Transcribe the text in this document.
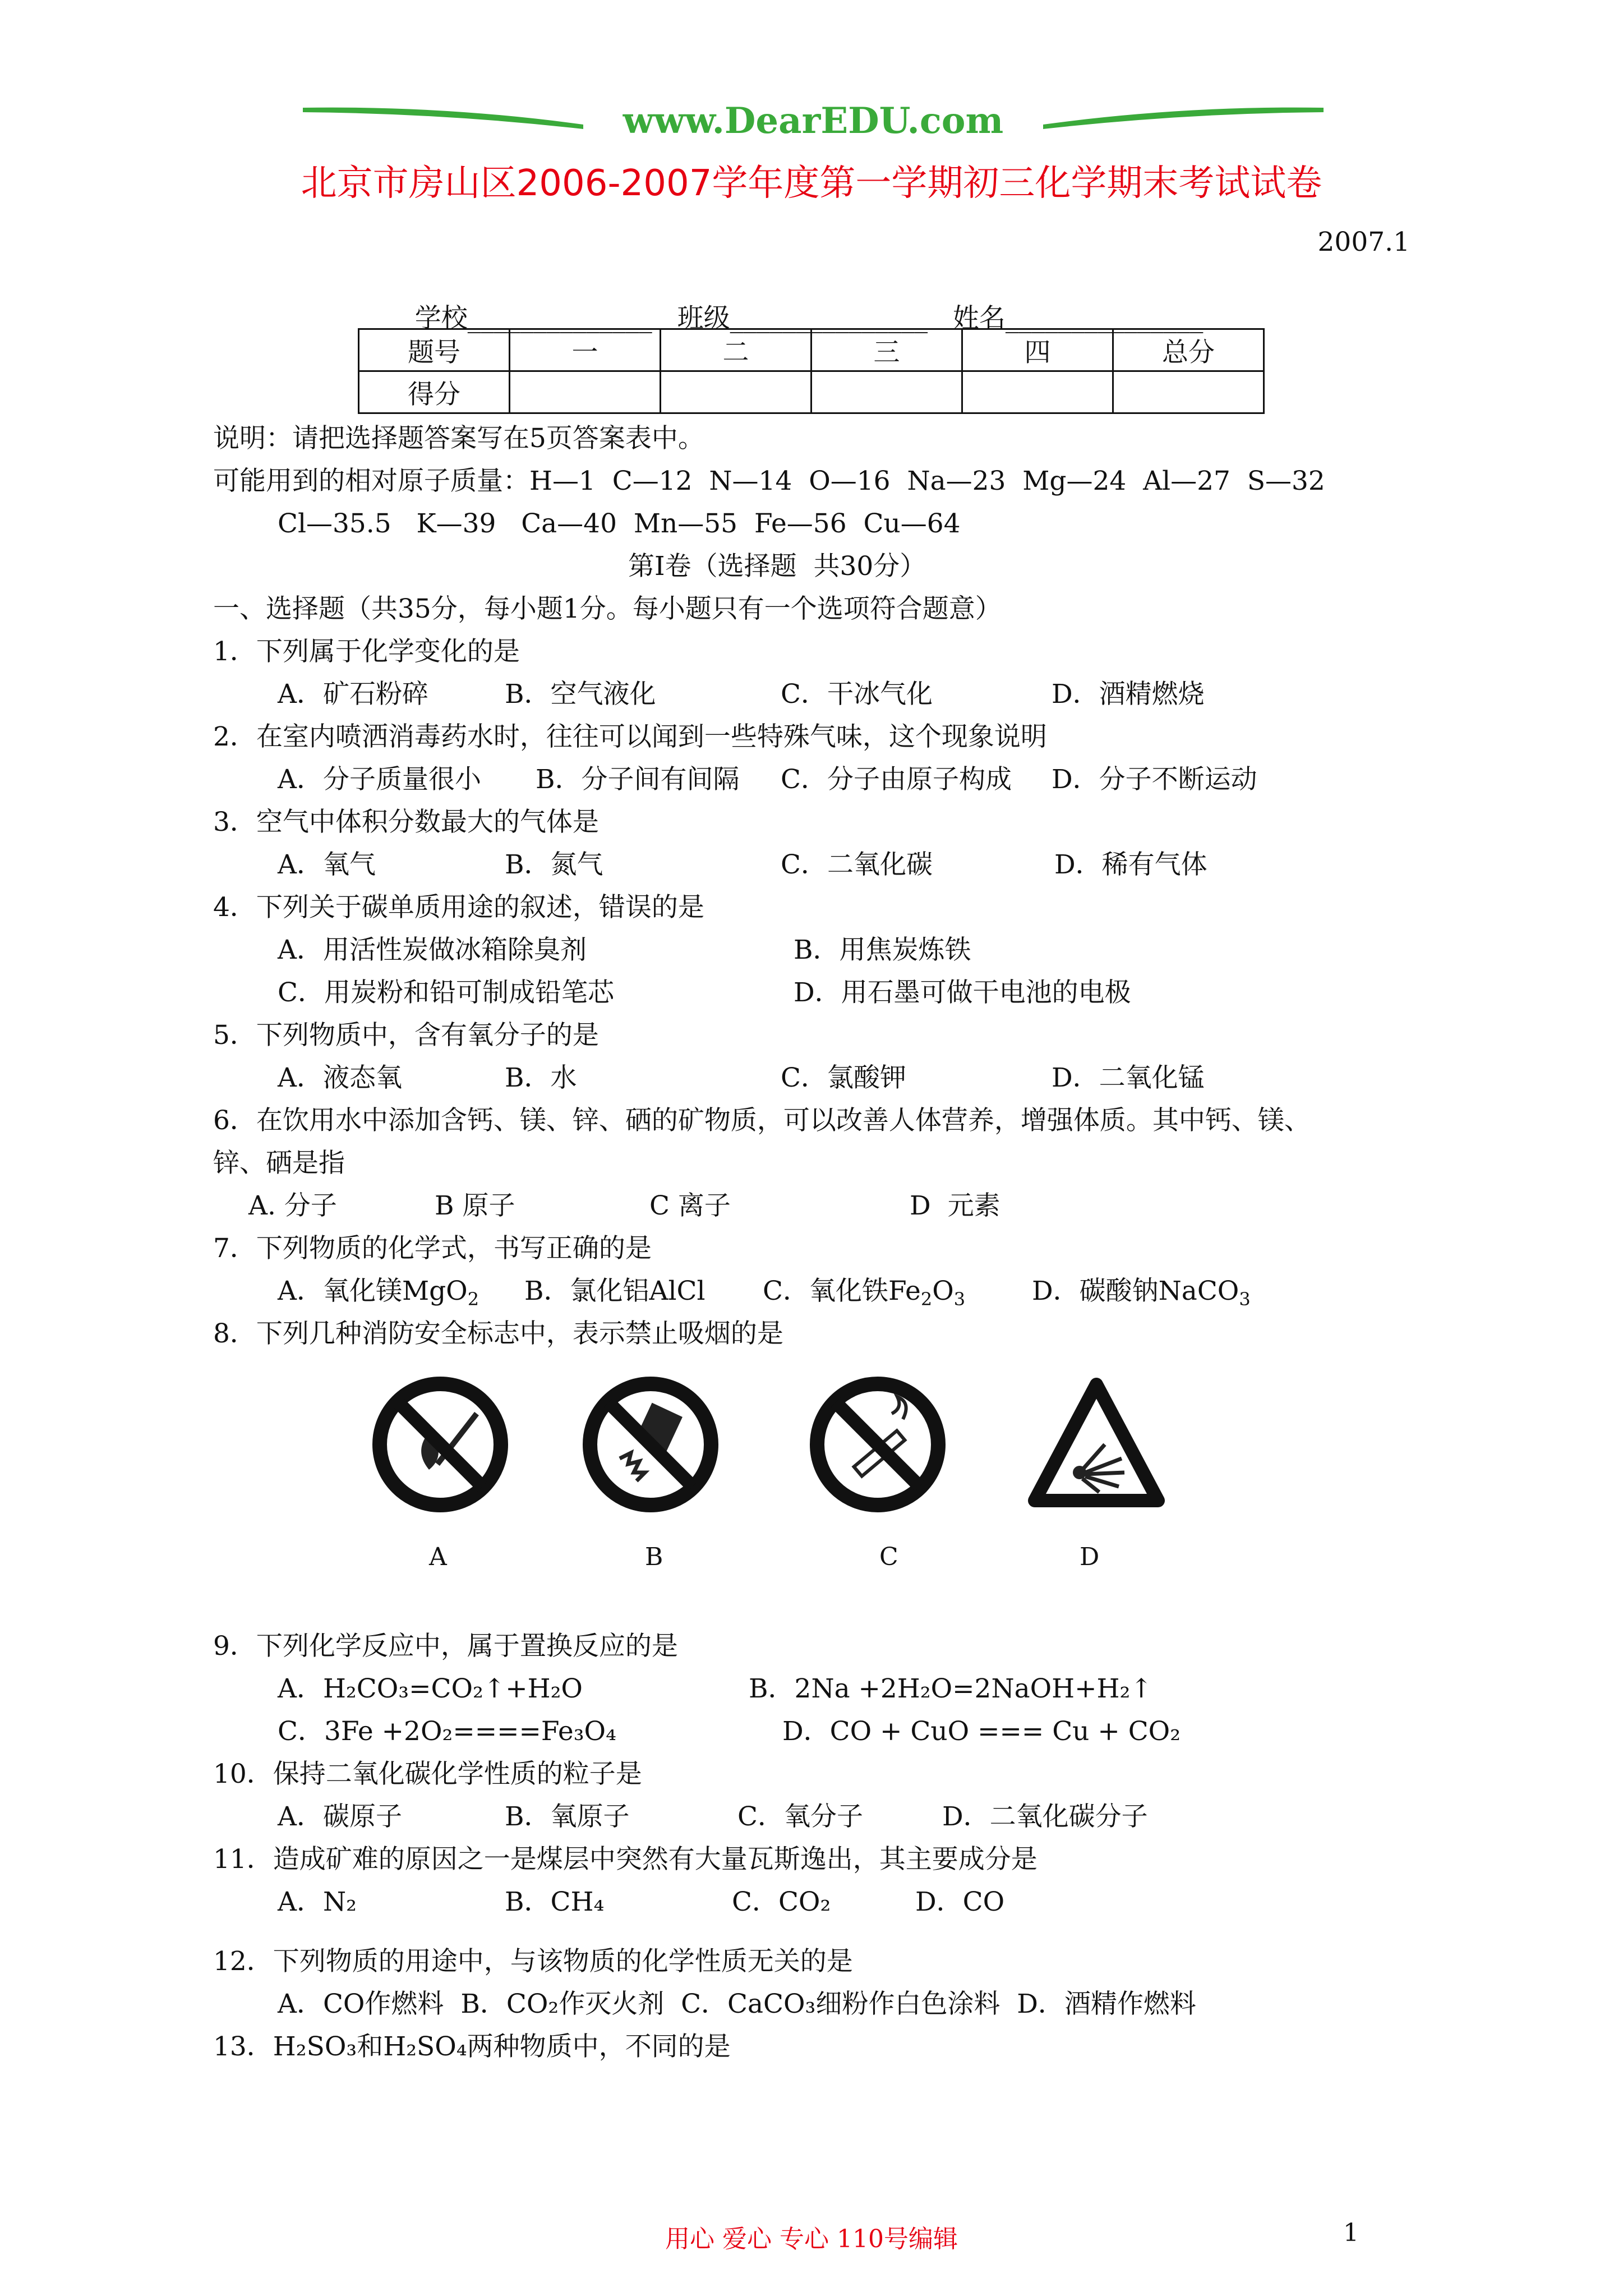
www.DearEDU.com
北京市房山区2006-2007学年度第一学期初三化学期末考试试卷
2007.1

学校______________ 班级_______________ 姓名_______________

题号	一	二	三	四	总分
得分					
说明：请把选择题答案写在5页答案表中。
可能用到的相对原子质量：H—1  C—12  N—14  O—16  Na—23  Mg—24  Al—27  S—32
Cl—35.5   K—39   Ca—40  Mn—55  Fe—56  Cu—64
第Ⅰ卷（选择题  共30分）
一、选择题（共35分，每小题1分。每小题只有一个选项符合题意）
1．下列属于化学变化的是
A．矿石粉碎	B．空气液化	C．干冰气化	D．酒精燃烧
2．在室内喷洒消毒药水时，往往可以闻到一些特殊气味，这个现象说明
A．分子质量很小 B．分子间有间隔 C．分子由原子构成 D．分子不断运动
3．空气中体积分数最大的气体是
A．氧气	B．氮气	C．二氧化碳	D．稀有气体
4．下列关于碳单质用途的叙述，错误的是
A．用活性炭做冰箱除臭剂	B．用焦炭炼铁
C．用炭粉和铅可制成铅笔芯	D．用石墨可做干电池的电极
5．下列物质中，含有氧分子的是
A．液态氧	B．水	C．氯酸钾	D．二氧化锰
6．在饮用水中添加含钙、镁、锌、硒的矿物质，可以改善人体营养，增强体质。其中钙、镁、
锌、硒是指
A. 分子	B 原子	C 离子	D  元素
7．下列物质的化学式，书写正确的是
A．氧化镁MgO$_2$ B．氯化铝AlCl C．氧化铁$Fe_2O_3$	D．碳酸钠NaCO$_3$
8．下列几种消防安全标志中，表示禁止吸烟的是
A	B	C	D
9．下列化学反应中，属于置换反应的是
A．H₂CO₃=CO₂↑+H₂O	B．2Na +2H₂O=2NaOH+H₂↑
C．3Fe +2O₂====Fe₃O₄	D．CO + CuO === Cu + CO₂
10．保持二氧化碳化学性质的粒子是
A．碳原子	B．氧原子	C．氧分子	D．二氧化碳分子
11．造成矿难的原因之一是煤层中突然有大量瓦斯逸出，其主要成分是
A．N₂	B．CH₄	C．CO₂	D．CO
12．下列物质的用途中，与该物质的化学性质无关的是
A．CO作燃料  B．CO₂作灭火剂  C．CaCO₃细粉作白色涂料  D．酒精作燃料
13．H₂SO₃和H₂SO₄两种物质中，不同的是
用心 爱心 专心 110号编辑	1
